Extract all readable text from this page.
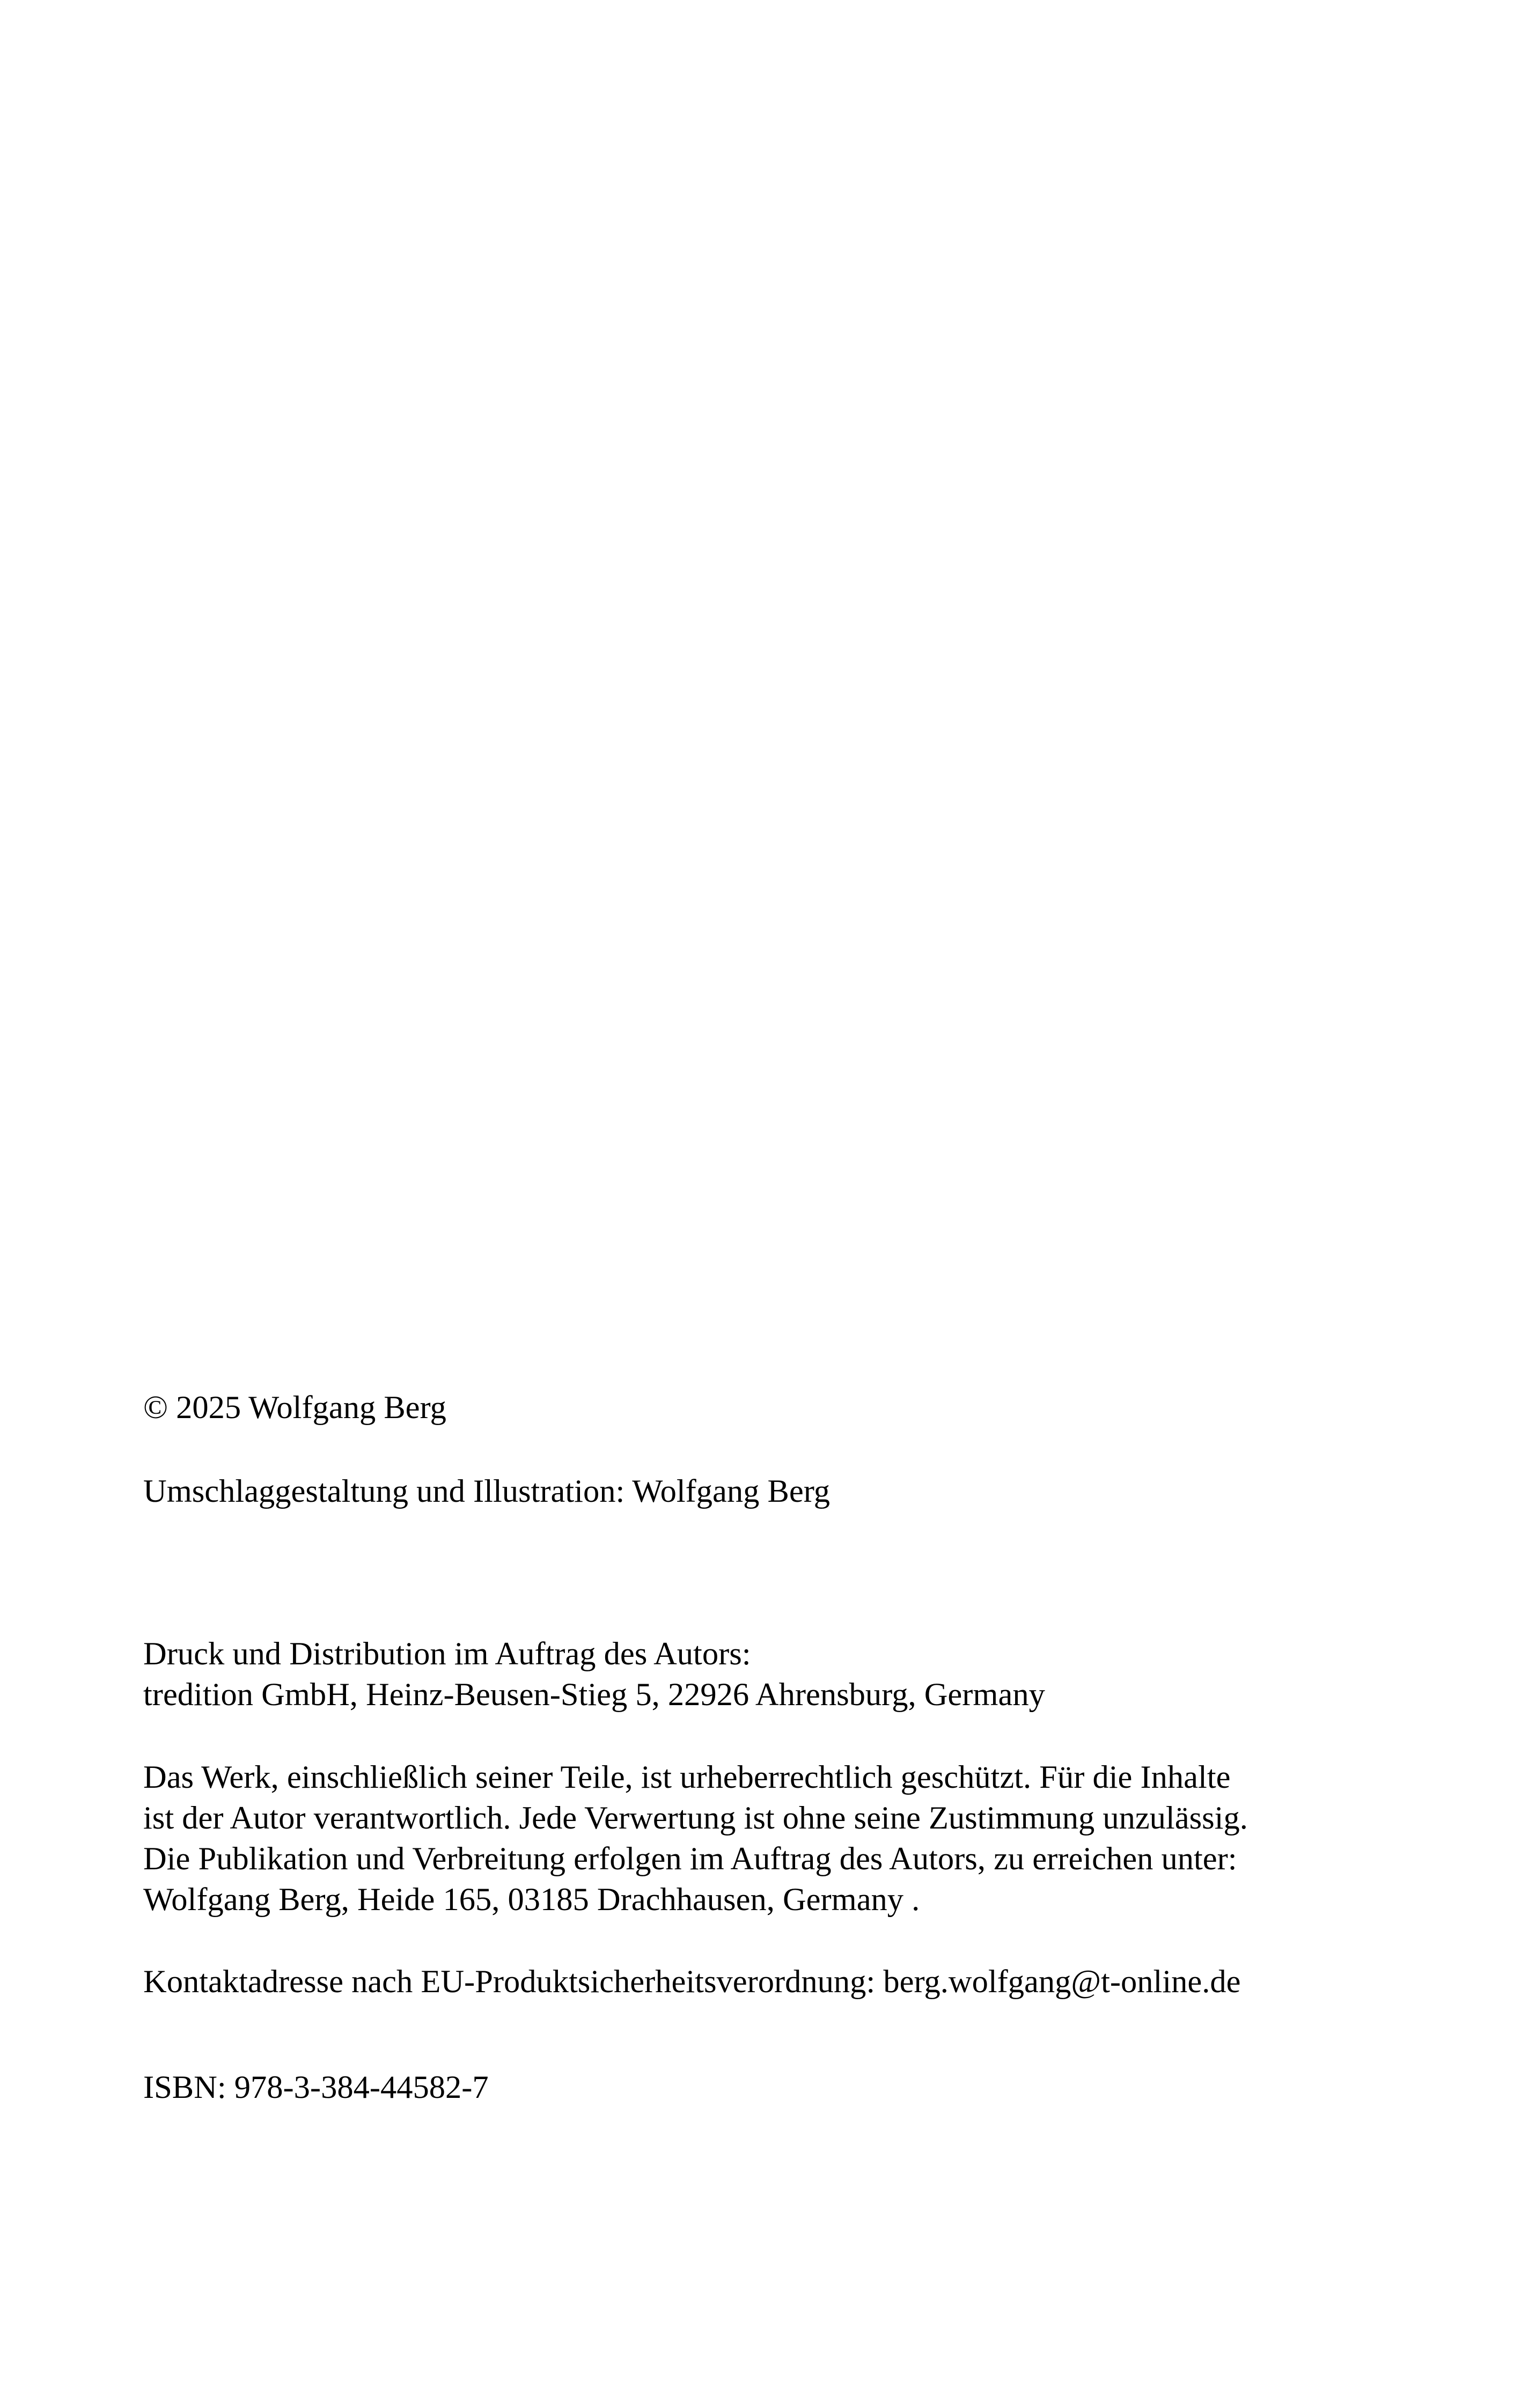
© 2025 Wolfgang Berg
Umschlaggestaltung und Illustration: Wolfgang Berg
Druck und Distribution im Auftrag des Autors:
tredition GmbH, Heinz-Beusen-Stieg 5, 22926 Ahrensburg, Germany
Das Werk, einschließlich seiner Teile, ist urheberrechtlich geschützt. Für die Inhalte
ist der Autor verantwortlich. Jede Verwertung ist ohne seine Zustimmung unzulässig.
Die Publikation und Verbreitung erfolgen im Auftrag des Autors, zu erreichen unter:
Wolfgang Berg, Heide 165, 03185 Drachhausen, Germany .
Kontaktadresse nach EU-Produktsicherheitsverordnung: berg.wolfgang@t-online.de
ISBN: 978-3-384-44582-7
